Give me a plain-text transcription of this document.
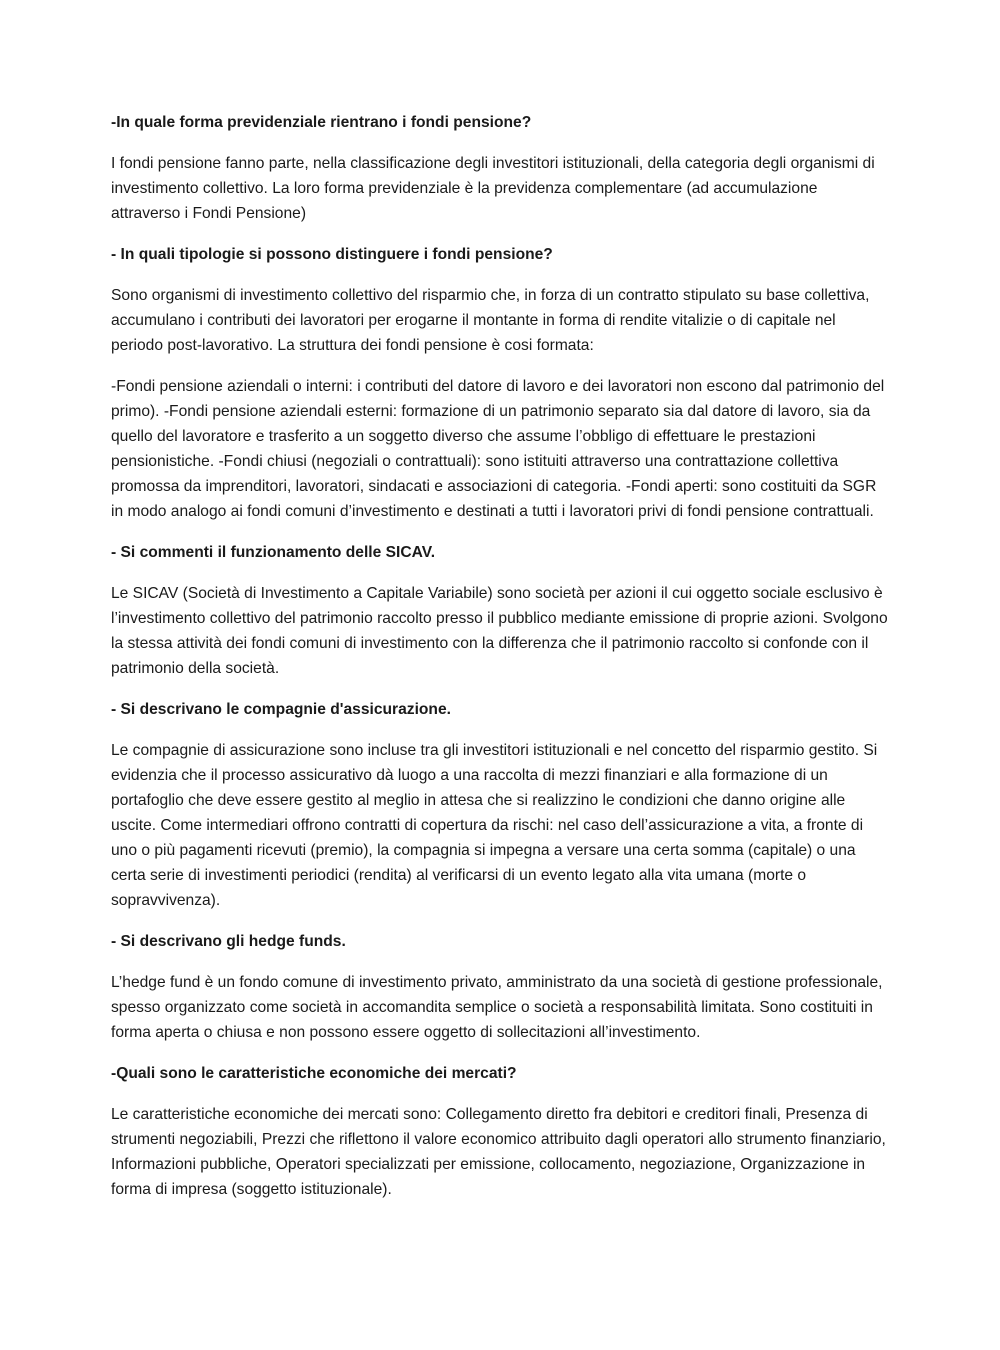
-In quale forma previdenziale rientrano i fondi pensione?

I fondi pensione fanno parte, nella classificazione degli investitori istituzionali, della categoria degli organismi di investimento collettivo. La loro forma previdenziale è la previdenza complementare (ad accumulazione attraverso i Fondi Pensione)

- In quali tipologie si possono distinguere i fondi pensione?

Sono organismi di investimento collettivo del risparmio che, in forza di un contratto stipulato su base collettiva, accumulano i contributi dei lavoratori per erogarne il montante in forma di rendite vitalizie o di capitale nel periodo post-lavorativo. La struttura dei fondi pensione è cosi formata:

-Fondi pensione aziendali o interni: i contributi del datore di lavoro e dei lavoratori non escono dal patrimonio del primo). -Fondi pensione aziendali esterni: formazione di un patrimonio separato sia dal datore di lavoro, sia da quello del lavoratore e trasferito a un soggetto diverso che assume l’obbligo di effettuare le prestazioni pensionistiche. -Fondi chiusi (negoziali o contrattuali): sono istituiti attraverso una contrattazione collettiva promossa da imprenditori, lavoratori, sindacati e associazioni di categoria. -Fondi aperti: sono costituiti da SGR in modo analogo ai fondi comuni d’investimento e destinati a tutti i lavoratori privi di fondi pensione contrattuali.

- Si commenti il funzionamento delle SICAV.

Le SICAV (Società di Investimento a Capitale Variabile) sono società per azioni il cui oggetto sociale esclusivo è l’investimento collettivo del patrimonio raccolto presso il pubblico mediante emissione di proprie azioni. Svolgono la stessa attività dei fondi comuni di investimento con la differenza che il patrimonio raccolto si confonde con il patrimonio della società.

- Si descrivano le compagnie d'assicurazione.

Le compagnie di assicurazione sono incluse tra gli investitori istituzionali e nel concetto del risparmio gestito. Si evidenzia che il processo assicurativo dà luogo a una raccolta di mezzi finanziari e alla formazione di un portafoglio che deve essere gestito al meglio in attesa che si realizzino le condizioni che danno origine alle uscite. Come intermediari offrono contratti di copertura da rischi: nel caso dell’assicurazione a vita, a fronte di uno o più pagamenti ricevuti (premio), la compagnia si impegna a versare una certa somma (capitale) o una certa serie di investimenti periodici (rendita) al verificarsi di un evento legato alla vita umana (morte o sopravvivenza).

- Si descrivano gli hedge funds.

L’hedge fund è un fondo comune di investimento privato, amministrato da una società di gestione professionale, spesso organizzato come società in accomandita semplice o società a responsabilità limitata. Sono costituiti in forma aperta o chiusa e non possono essere oggetto di sollecitazioni all’investimento.

-Quali sono le caratteristiche economiche dei mercati?

Le caratteristiche economiche dei mercati sono: Collegamento diretto fra debitori e creditori finali, Presenza di strumenti negoziabili, Prezzi che riflettono il valore economico attribuito dagli operatori allo strumento finanziario, Informazioni pubbliche, Operatori specializzati per emissione, collocamento, negoziazione, Organizzazione in forma di impresa (soggetto istituzionale).
